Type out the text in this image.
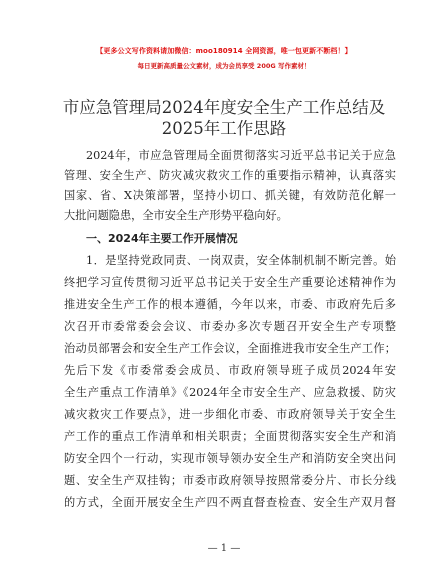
【更多公文写作资料请加微信：moo180914 全网资源，唯一包更新不断档！】
每日更新高质量公文素材，成为会员享受 200G 写作素材！
市应急管理局2024年度安全生产工作总结及
2025年工作思路
2024年，市应急管理局全面贯彻落实习近平总书记关于应急
管理、安全生产、防灾减灾救灾工作的重要指示精神，认真落实
国家、省、X决策部署，坚持小切口、抓关键，有效防范化解一
大批问题隐患，全市安全生产形势平稳向好。
一、2024年主要工作开展情况
1．是坚持党政同责、一岗双责，安全体制机制不断完善。始
终把学习宣传贯彻习近平总书记关于安全生产重要论述精神作为
推进安全生产工作的根本遵循，今年以来，市委、市政府先后多
次召开市委常委会会议、市委办多次专题召开安全生产专项整
治动员部署会和安全生产工作会议，全面推进我市安全生产工作；
先后下发《市委常委会成员、市政府领导班子成员2024年安
全生产重点工作清单》《2024年全市安全生产、应急救援、防灾
减灾救灾工作要点》，进一步细化市委、市政府领导关于安全生
产工作的重点工作清单和相关职责；全面贯彻落实安全生产和消
防安全四个一行动，实现市领导领办安全生产和消防安全突出问
题、安全生产双挂钩；市委市政府领导按照常委分片、市长分线
的方式，全面开展安全生产四不两直督查检查、安全生产双月督
— 1 —
